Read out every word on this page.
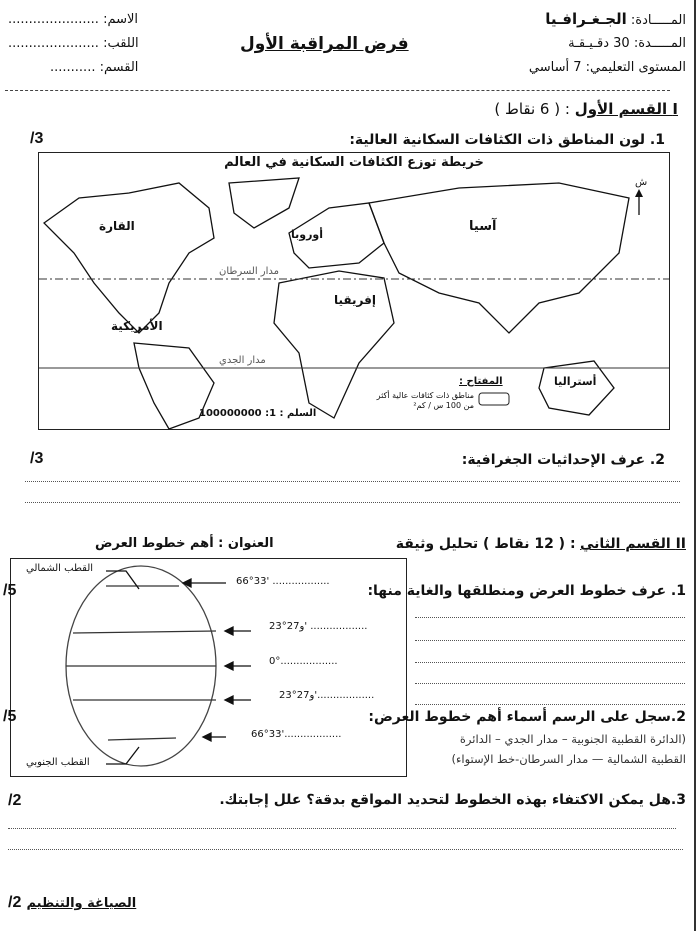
المـــــادة: الجـغـرافـيا
المـــــدة: 30 دقـيـقـة
المستوى التعليمي: 7 أساسي
فرض المراقبة الأول
الاسم: ......................
اللقب: ......................
القسم: ...........
I القسم الأول : ( 6 نقاط )
1. لون المناطق ذات الكثافات السكانية العالية:
/3
خريطة توزع الكثافات السكانية في العالم
القارة
الأمريكية
أوروبا
آسيا
إفريقيا
أستراليا
مدار السرطان
مدار الجدي
ش
المفتاح :
مناطق ذات كثافات عالية أكثر من 100 س / كم²
السلم : 1: 100000000
2. عرف الإحداثيات الجغرافية:
/3
II القسم الثاني : ( 12 نقاط ) تحليل وثيقة
العنوان : أهم خطوط العرض
القطب الشمالي
القطب الجنوبي
66°33' ..................
23°و27' ..................
0°..................
23°و27'..................
66°33'..................
/5	1. عرف خطوط العرض ومنطلقها والغاية منها:
/5	2.سجل على الرسم أسماء أهم خطوط العرض:
(الدائرة القطبية الجنوبية – مدار الجدي – الدائرة
القطبية الشمالية — مدار السرطان-خط الإستواء)
/2	3.هل يمكن الاكتفاء بهذه الخطوط لتحديد المواقع بدقة؟ علل إجابتك.
/2 الصياغة والتنظيم
